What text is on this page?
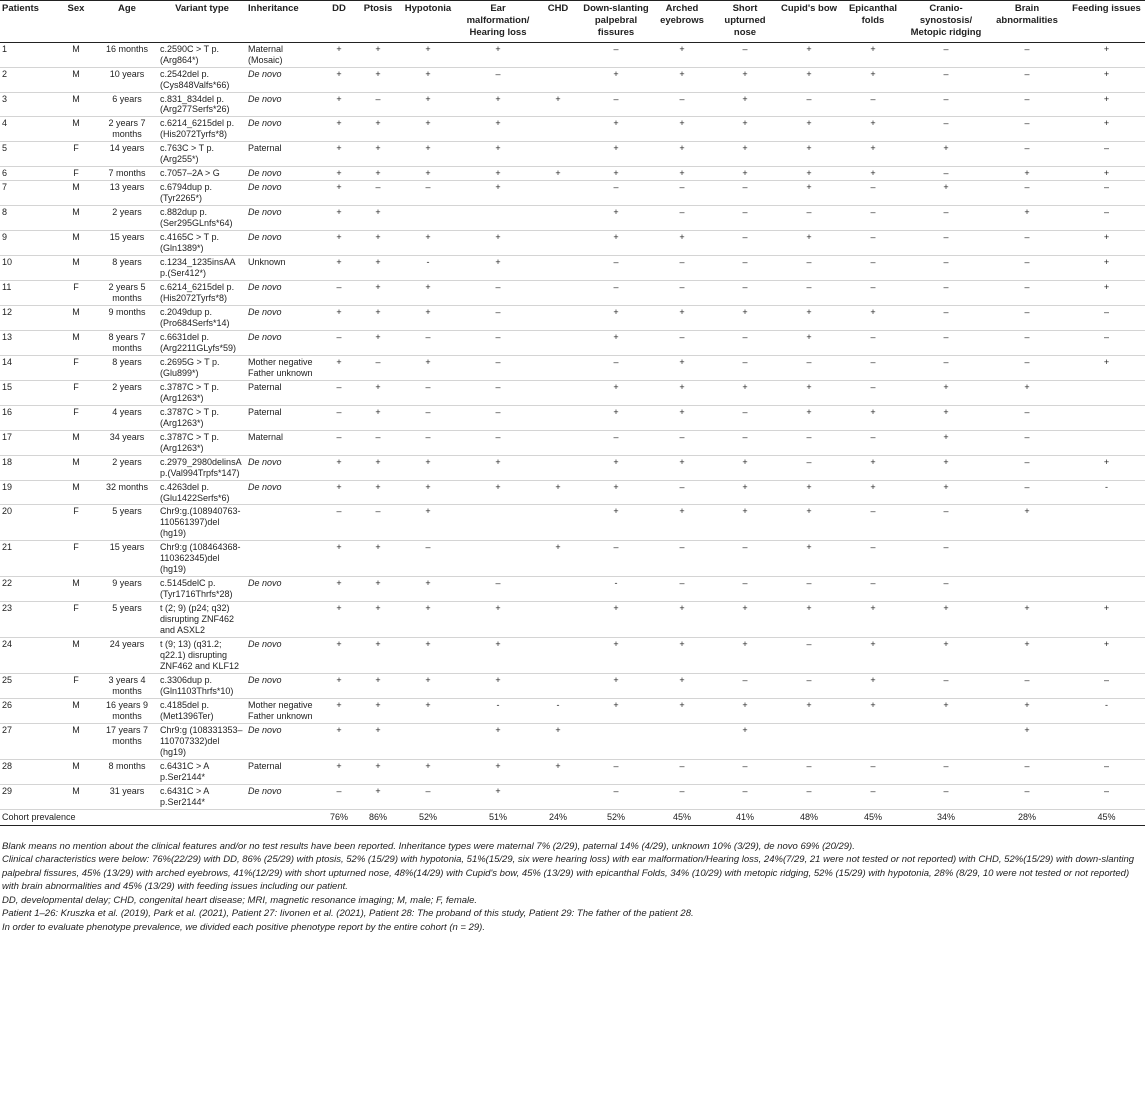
Patients	Sex	Age	Variant type	Inheritance	DD	Ptosis	Hypotonia	Ear malformation/ Hearing loss	CHD	Down-slanting palpebral fissures	Arched eyebrows	Short upturned nose	Cupid's bow	Epicanthal folds	Cranio-synostosis/ Metopic ridging	Brain abnormalities	Feeding issues	
1	M	16 months	c.2590C > T p.(Arg864*)	Maternal (Mosaic)	+	+	+	+		–	+	–	+	+	–	–	+	
2	M	10 years	c.2542del p.(Cys848Valfs*66)	De novo	+	+	+	–		+	+	+	+	+	–	–	+	
3	M	6 years	c.831_834del p.(Arg277Serfs*26)	De novo	+	–	+	+	+	–	–	+	–	–	–	–	+	
4	M	2 years 7 months	c.6214_6215del p.(His2072Tyrfs*8)	De novo	+	+	+	+		+	+	+	+	+	–	–	+	
5	F	14 years	c.763C > T p.(Arg255*)	Paternal	+	+	+	+		+	+	+	+	+	+	–	–	
6	F	7 months	c.7057–2A > G	De novo	+	+	+	+	+	+	+	+	+	+	–	+	+	
7	M	13 years	c.6794dup p.(Tyr2265*)	De novo	+	–	–	+		–	–	–	+	–	+	–	–	
8	M	2 years	c.882dup p.(Ser295GLnfs*64)	De novo	+	+				+	–	–	–	–	–	+	–	
9	M	15 years	c.4165C > T p.(Gln1389*)	De novo	+	+	+	+		+	+	–	+	–	–	–	+	
10	M	8 years	c.1234_1235insAA p.(Ser412*)	Unknown	+	+	-	+		–	–	–	–	–	–	–	+	
11	F	2 years 5 months	c.6214_6215del p.(His2072Tyrfs*8)	De novo	–	+	+	–		–	–	–	–	–	–	–	+	
12	M	9 months	c.2049dup p.(Pro684Serfs*14)	De novo	+	+	+	–		+	+	+	+	+	–	–	–	
13	M	8 years 7 months	c.6631del p.(Arg2211GLyfs*59)	De novo	–	+	–	–		+	–	–	+	–	–	–	–	
14	F	8 years	c.2695G > T p.(Glu899*)	Mother negative Father unknown	+	–	+	–		–	+	–	–	–	–	–	+	
15	F	2 years	c.3787C > T p.(Arg1263*)	Paternal	–	+	–	–		+	+	+	+	–	+	+		
16	F	4 years	c.3787C > T p.(Arg1263*)	Paternal	–	+	–	–		+	+	–	+	+	+	–		
17	M	34 years	c.3787C > T p.(Arg1263*)	Maternal	–	–	–	–		–	–	–	–	–	+	–		
18	M	2 years	c.2979_2980delinsA p.(Val994Trpfs*147)	De novo	+	+	+	+		+	+	+	–	+	+	–	+	
19	M	32 months	c.4263del p.(Glu1422Serfs*6)	De novo	+	+	+	+	+	+	–	+	+	+	+	–	-	
20	F	5 years	Chr9:g.(108940763-110561397)del (hg19)		–	–	+			+	+	+	+	–	–	+		
21	F	15 years	Chr9:g (108464368-110362345)del (hg19)		+	+	–		+	–	–	–	+	–	–			
22	M	9 years	c.5145delC p.(Tyr1716Thrfs*28)	De novo	+	+	+	–		-	–	–	–	–	–			
23	F	5 years	t (2; 9) (p24; q32) disrupting ZNF462 and ASXL2		+	+	+	+		+	+	+	+	+	+	+	+	
24	M	24 years	t (9; 13) (q31.2; q22.1) disrupting ZNF462 and KLF12	De novo	+	+	+	+		+	+	+	–	+	+	+	+	
25	F	3 years 4 months	c.3306dup p.(Gln1103Thrfs*10)	De novo	+	+	+	+		+	+	–	–	+	–	–	–	
26	M	16 years 9 months	c.4185del p.(Met1396Ter)	Mother negative Father unknown	+	+	+	-	-	+	+	+	+	+	+	+	-	
27	M	17 years 7 months	Chr9:g (108331353–110707332)del (hg19)	De novo	+	+		+	+			+				+		
28	M	8 months	c.6431C > A p.Ser2144*	Paternal	+	+	+	+	+	–	–	–	–	–	–	–	–	
29	M	31 years	c.6431C > A p.Ser2144*	De novo	–	+	–	+		–	–	–	–	–	–	–	–	
Cohort prevalence					76%	86%	52%	51%	24%	52%	45%	41%	48%	45%	34%	28%	45%	

Blank means no mention about the clinical features and/or no test results have been reported. Inheritance types were maternal 7% (2/29), paternal 14% (4/29), unknown 10% (3/29), de novo 69% (20/29).

Clinical characteristics were below: 76%(22/29) with DD, 86% (25/29) with ptosis, 52% (15/29) with hypotonia, 51%(15/29, six were hearing loss) with ear malformation/Hearing loss, 24%(7/29, 21 were not tested or not reported) with CHD, 52%(15/29) with down-slanting palpebral fissures, 45% (13/29) with arched eyebrows, 41%(12/29) with short upturned nose, 48%(14/29) with Cupid's bow, 45% (13/29) with epicanthal Folds, 34% (10/29) with metopic ridging, 52% (15/29) with hypotonia, 28% (8/29, 10 were not tested or not reported) with brain abnormalities and 45% (13/29) with feeding issues including our patient.

DD, developmental delay; CHD, congenital heart disease; MRI, magnetic resonance imaging; M, male; F, female.

Patient 1–26: Kruszka et al. (2019), Park et al. (2021), Patient 27: Iivonen et al. (2021), Patient 28: The proband of this study, Patient 29: The father of the patient 28.

In order to evaluate phenotype prevalence, we divided each positive phenotype report by the entire cohort (n = 29).
